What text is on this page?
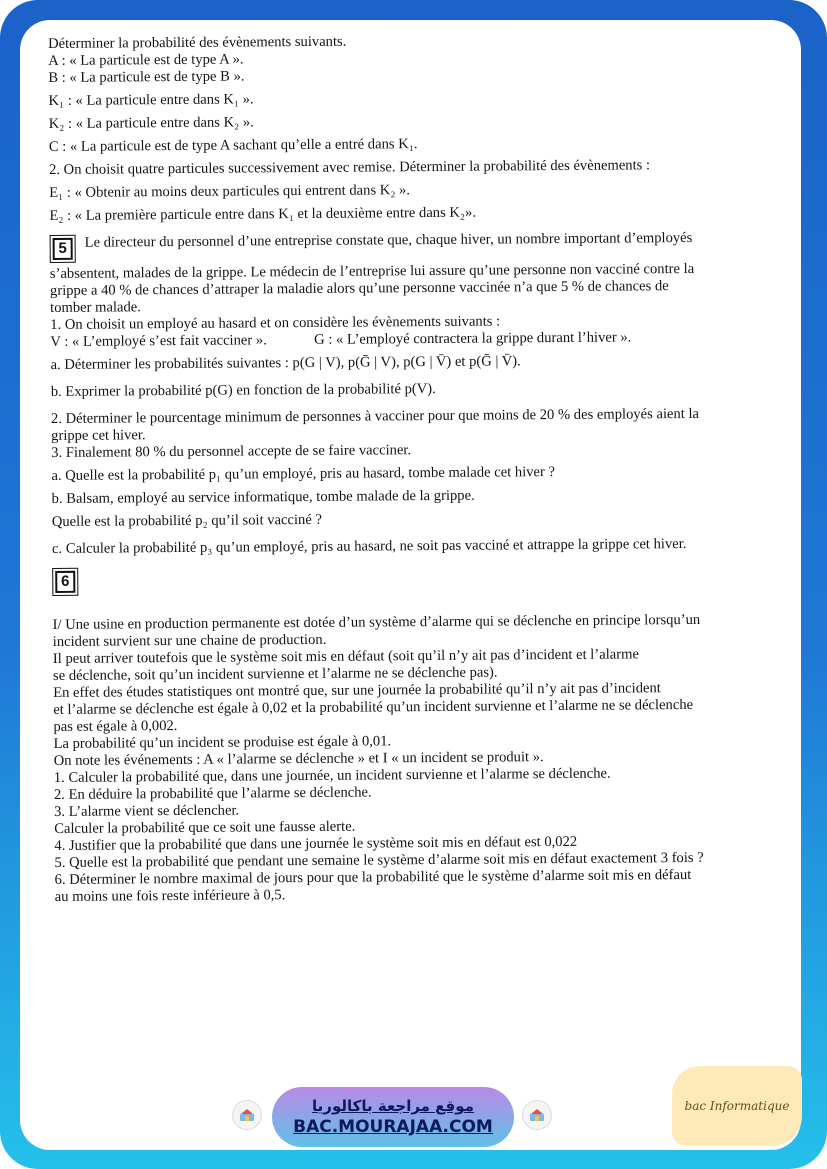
Déterminer la probabilité des évènements suivants.

A : « La particule est de type A ».

B : « La particule est de type B ».

K₁ : « La particule entre dans K₁ ».

K₂ : « La particule entre dans K₂ ».

C : « La particule est de type A sachant qu’elle a entré dans K₁.

2. On choisit quatre particules successivement avec remise. Déterminer la probabilité des évènements :

E₁ : « Obtenir au moins deux particules qui entrent dans K₂ ».

E₂ : « La première particule entre dans K₁ et la deuxième entre dans K₂».

5	Le directeur du personnel d’une entreprise constate que, chaque hiver, un nombre important d’employés

s’absentent, malades de la grippe. Le médecin de l’entreprise lui assure qu’une personne non vacciné contre la

grippe a 40 % de chances d’attraper la maladie alors qu’une personne vaccinée n’a que 5 % de chances de

tomber malade.

1. On choisit un employé au hasard et on considère les évènements suivants :

V : « L’employé s’est fait vacciner ».	G : « L’employé contractera la grippe durant l’hiver ».

a. Déterminer les probabilités suivantes : p(G | V), p(Ḡ | V), p(G | V̄) et p(Ḡ | V̄).

b. Exprimer la probabilité p(G) en fonction de la probabilité p(V).

2. Déterminer le pourcentage minimum de personnes à vacciner pour que moins de 20 % des employés aient la

grippe cet hiver.

3. Finalement 80 % du personnel accepte de se faire vacciner.

a. Quelle est la probabilité p₁ qu’un employé, pris au hasard, tombe malade cet hiver ?

b. Balsam, employé au service informatique, tombe malade de la grippe.

Quelle est la probabilité p₂ qu’il soit vacciné ?

c. Calculer la probabilité p₃ qu’un employé, pris au hasard, ne soit pas vacciné et attrappe la grippe cet hiver.

6

I/ Une usine en production permanente est dotée d’un système d’alarme qui se déclenche en principe lorsqu’un

incident survient sur une chaine de production.

Il peut arriver toutefois que le système soit mis en défaut (soit qu’il n’y ait pas d’incident et l’alarme

se déclenche, soit qu’un incident survienne et l’alarme ne se déclenche pas).

En effet des études statistiques ont montré que, sur une journée la probabilité qu’il n’y ait pas d’incident

et l’alarme se déclenche est égale à 0,02 et la probabilité qu’un incident survienne et l’alarme ne se déclenche

pas est égale à 0,002.

La probabilité qu’un incident se produise est égale à 0,01.

On note les événements : A « l’alarme se déclenche » et I « un incident se produit ».

1. Calculer la probabilité que, dans une journée, un incident survienne et l’alarme se déclenche.

2. En déduire la probabilité que l’alarme se déclenche.

3. L’alarme vient se déclencher.

Calculer la probabilité que ce soit une fausse alerte.

4. Justifier que la probabilité que dans une journée le système soit mis en défaut est 0,022

5. Quelle est la probabilité que pendant une semaine le système d’alarme soit mis en défaut exactement 3 fois ?

6. Déterminer le nombre maximal de jours pour que la probabilité que le système d’alarme soit mis en défaut

au moins une fois reste inférieure à 0,5.

موقع مراجعة باكالوريا
BAC.MOURAJAA.COM
bac Informatique
